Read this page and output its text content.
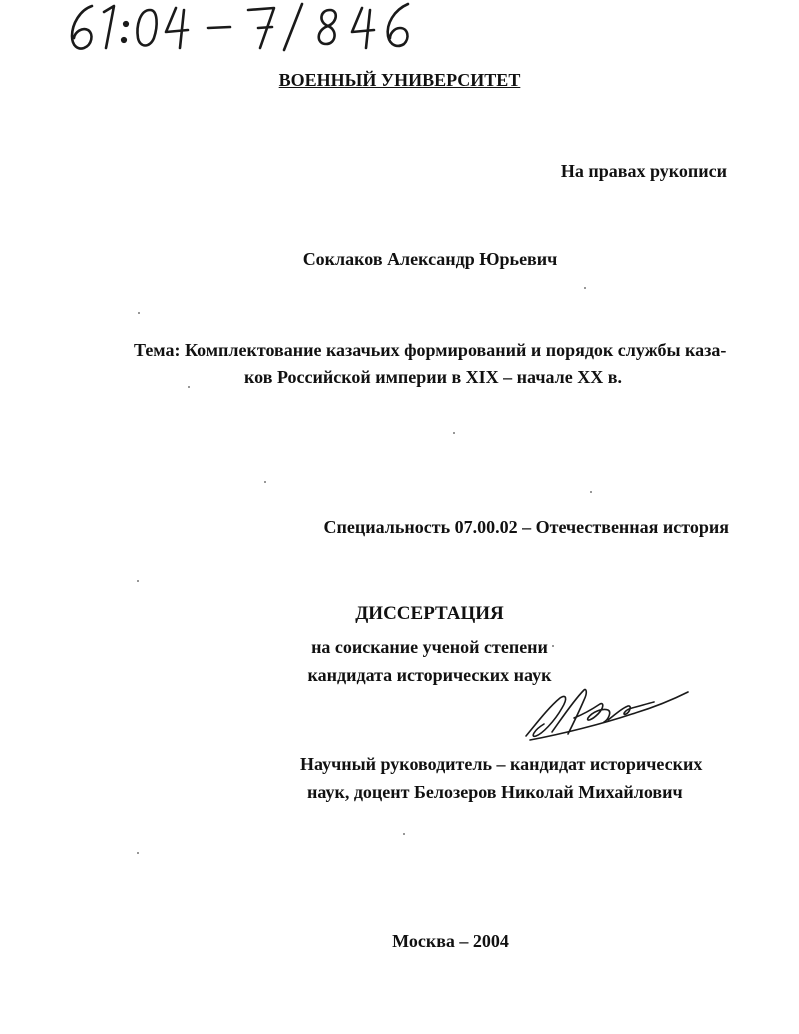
ВОЕННЫЙ УНИВЕРСИТЕТ
На правах рукописи
Соклаков Александр Юрьевич
Тема: Комплектование казачьих формирований и порядок службы каза-
ков Российской империи в XIX – начале XX в.
Специальность 07.00.02 – Отечественная история
ДИССЕРТАЦИЯ
на соискание ученой степени
кандидата исторических наук
Научный руководитель – кандидат исторических
наук, доцент Белозеров Николай Михайлович
Москва – 2004
